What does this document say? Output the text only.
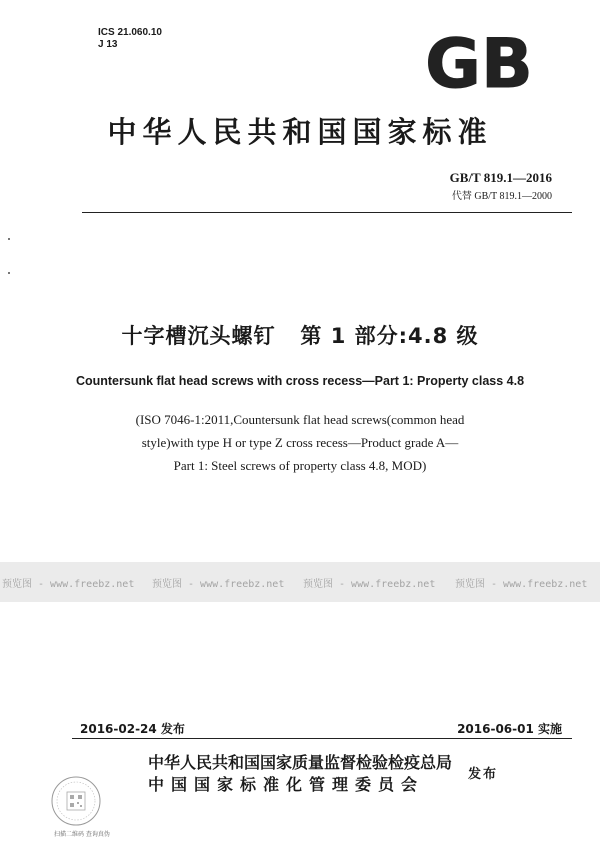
ICS 21.060.10
J 13	GB
中华人民共和国国家标准
GB/T 819.1—2016
代替 GB/T 819.1—2000
十字槽沉头螺钉 第 1 部分:4.8 级
Countersunk flat head screws with cross recess—Part 1: Property class 4.8
(ISO 7046-1:2011,Countersunk flat head screws(common head
style)with type H or type Z cross recess—Product grade A—
Part 1: Steel screws of property class 4.8, MOD)
预览图 - www.freebz.net 预览图 - www.freebz.net 预览图 - www.freebz.net 预览图 - www.freebz.net
2016-02-24 发布	2016-06-01 实施
中华人民共和国国家质量监督检验检疫总局
中国国家标准化管理委员会
发布
扫描二维码 查询真伪
